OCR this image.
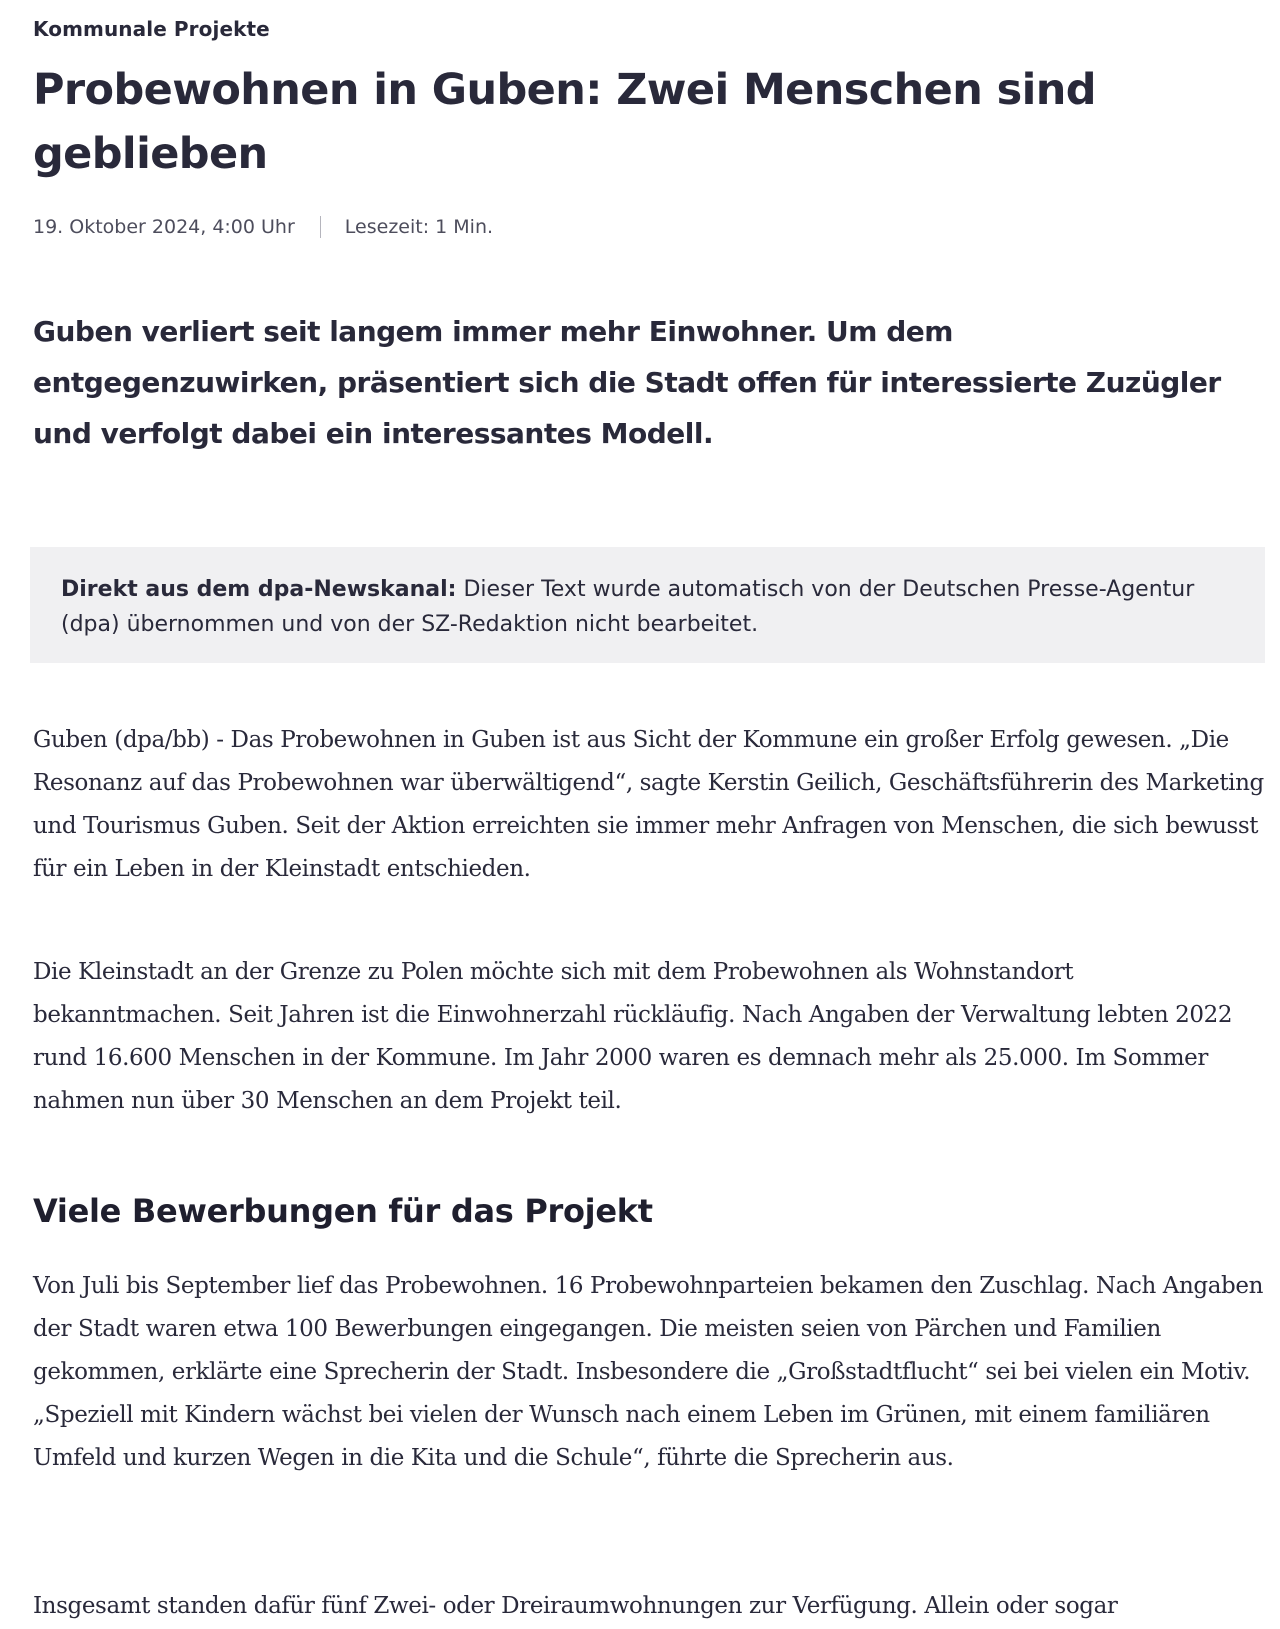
Kommunale Projekte
Probewohnen in Guben: Zwei Menschen sind geblieben
19. Oktober 2024, 4:00 Uhr	Lesezeit: 1 Min.

Guben verliert seit langem immer mehr Einwohner. Um dem entgegenzuwirken, präsentiert sich die Stadt offen für interessierte Zuzügler und verfolgt dabei ein interessantes Modell.

Direkt aus dem dpa-Newskanal: Dieser Text wurde automatisch von der Deutschen Presse-Agentur (dpa) übernommen und von der SZ-Redaktion nicht bearbeitet.

Guben (dpa/bb) - Das Probewohnen in Guben ist aus Sicht der Kommune ein großer Erfolg gewesen. „Die Resonanz auf das Probewohnen war überwältigend“, sagte Kerstin Geilich, Geschäftsführerin des Marketing und Tourismus Guben. Seit der Aktion erreichten sie immer mehr Anfragen von Menschen, die sich bewusst für ein Leben in der Kleinstadt entschieden.

Die Kleinstadt an der Grenze zu Polen möchte sich mit dem Probewohnen als Wohnstandort bekanntmachen. Seit Jahren ist die Einwohnerzahl rückläufig. Nach Angaben der Verwaltung lebten 2022 rund 16.600 Menschen in der Kommune. Im Jahr 2000 waren es demnach mehr als 25.000. Im Sommer nahmen nun über 30 Menschen an dem Projekt teil.

Viele Bewerbungen für das Projekt

Von Juli bis September lief das Probewohnen. 16 Probewohnparteien bekamen den Zuschlag. Nach Angaben der Stadt waren etwa 100 Bewerbungen eingegangen. Die meisten seien von Pärchen und Familien gekommen, erklärte eine Sprecherin der Stadt. Insbesondere die „Großstadtflucht“ sei bei vielen ein Motiv. „Speziell mit Kindern wächst bei vielen der Wunsch nach einem Leben im Grünen, mit einem familiären Umfeld und kurzen Wegen in die Kita und die Schule“, führte die Sprecherin aus.

Insgesamt standen dafür fünf Zwei- oder Dreiraumwohnungen zur Verfügung. Allein oder sogar
